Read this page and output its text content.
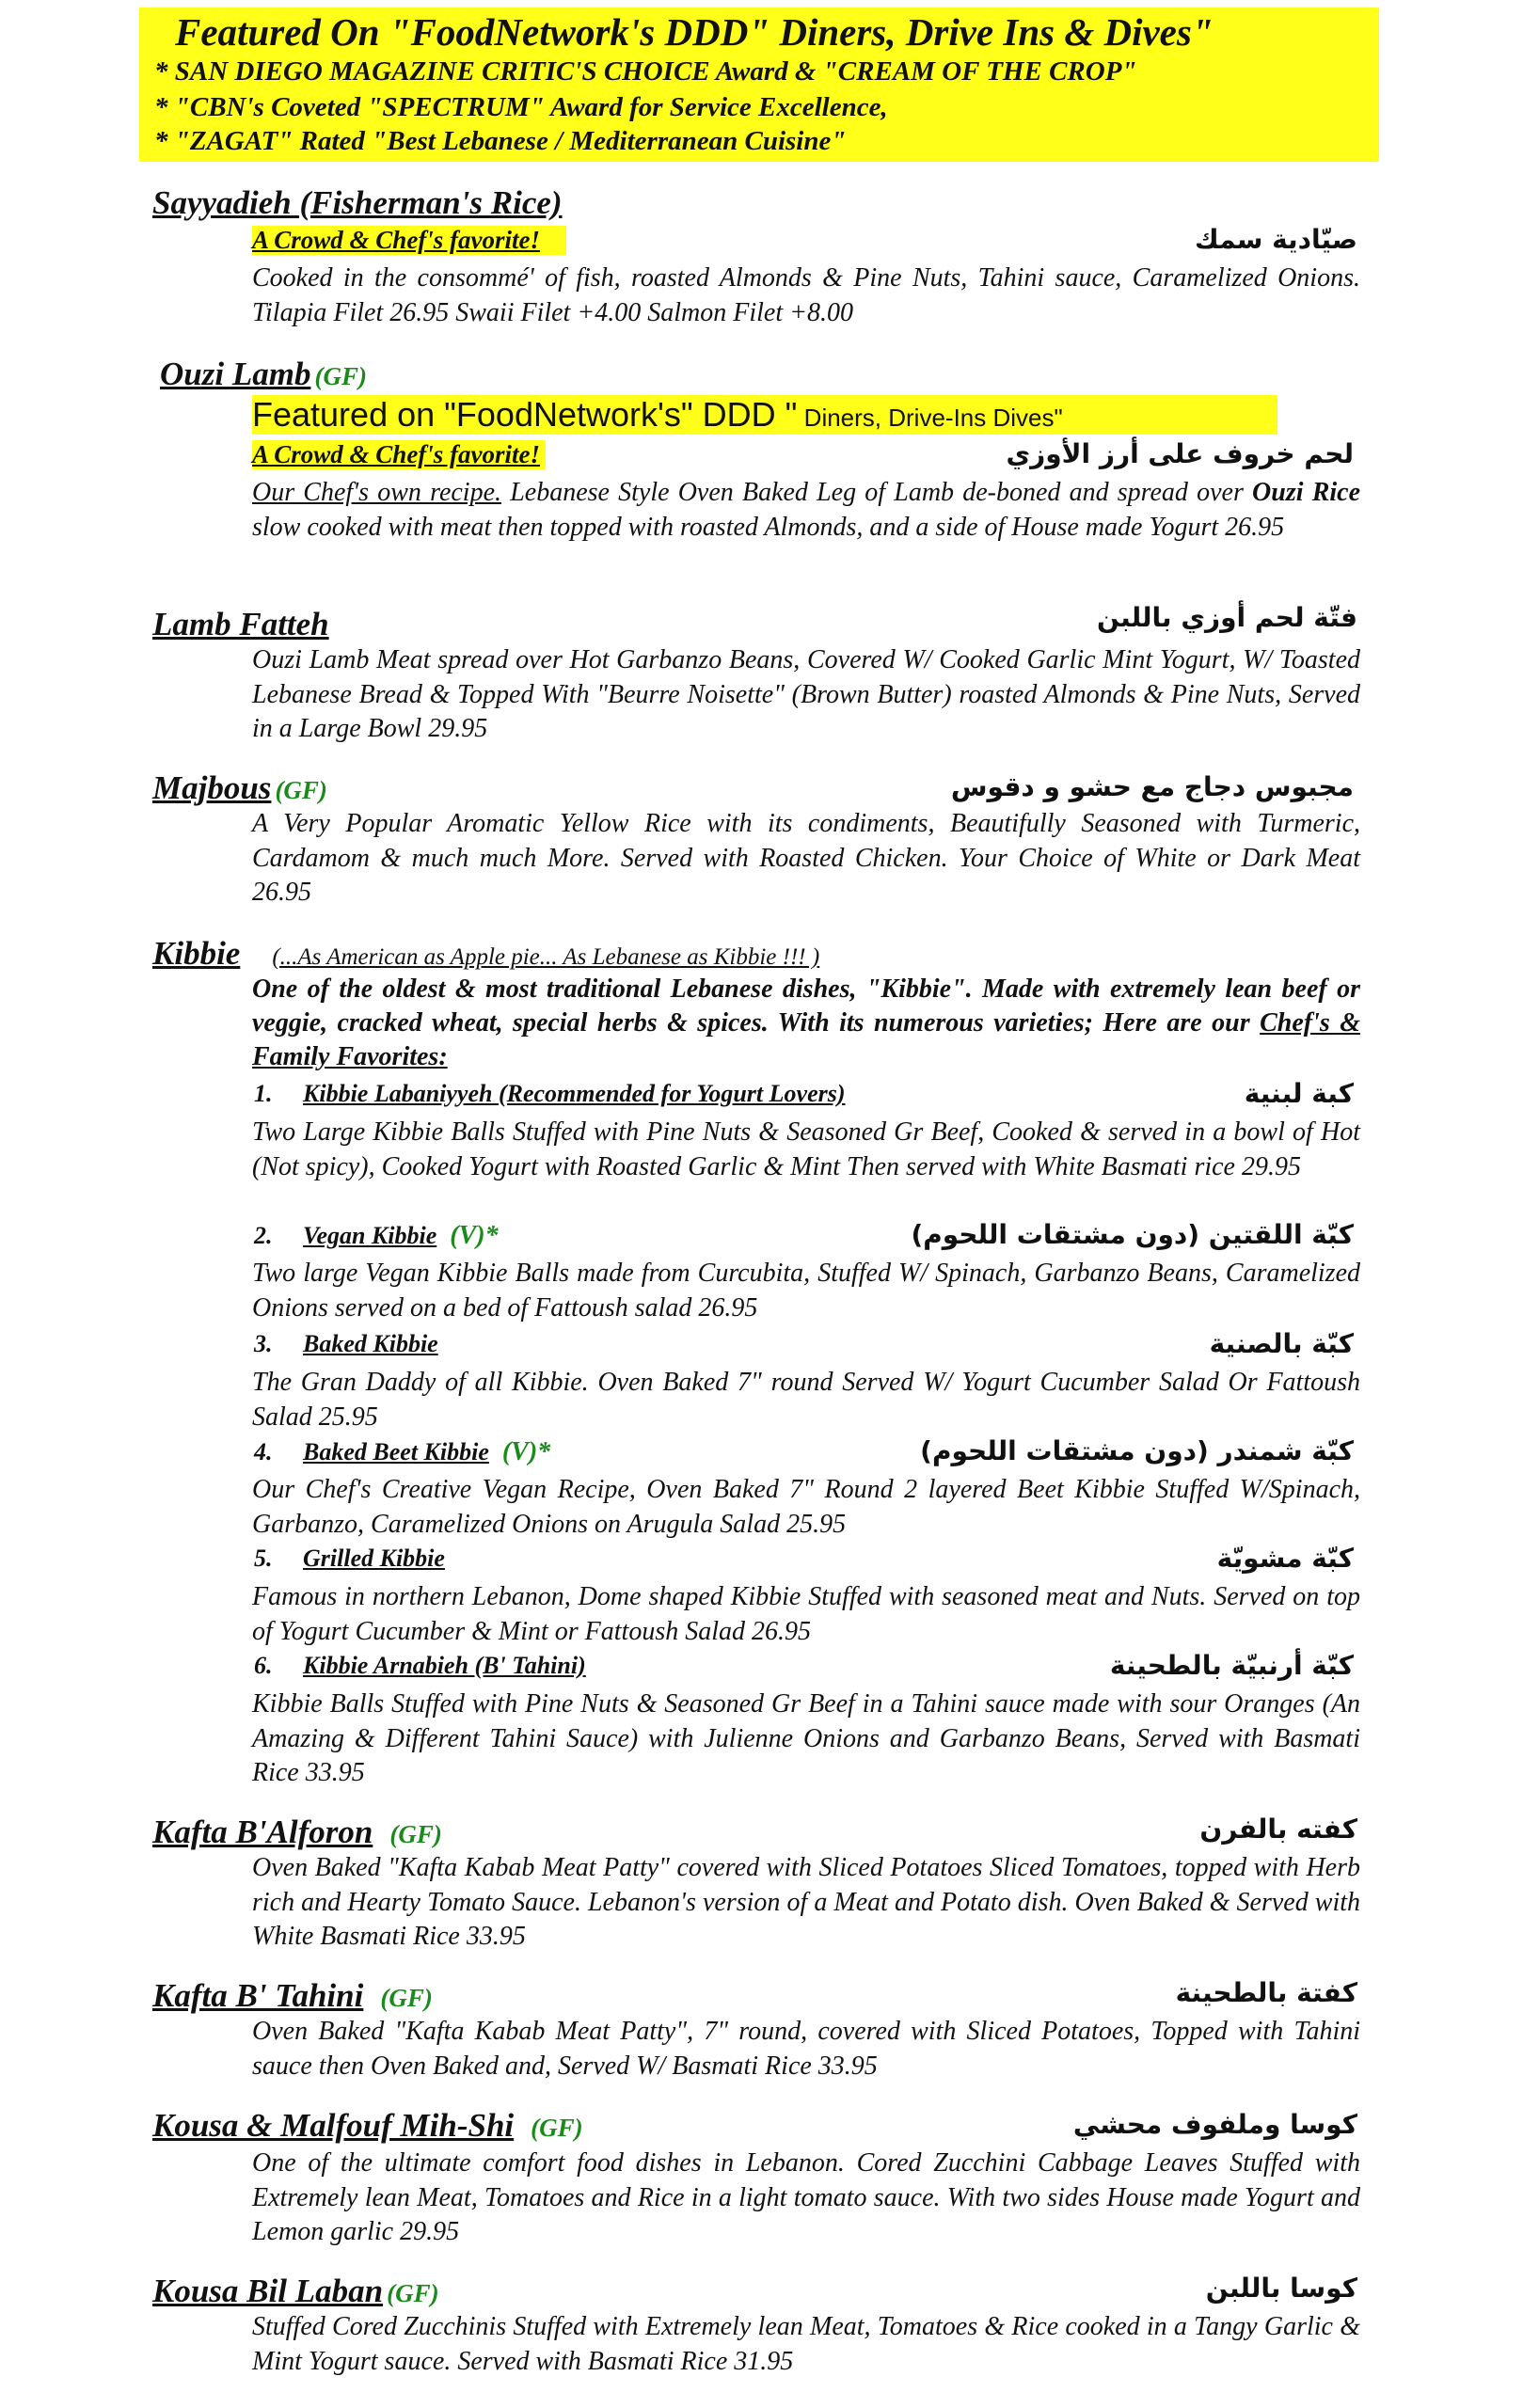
Featured On "FoodNetwork's DDD" Diners, Drive Ins & Dives"
* SAN DIEGO MAGAZINE CRITIC'S CHOICE Award & "CREAM OF THE CROP"
* "CBN's Coveted "SPECTRUM" Award for Service Excellence,
* "ZAGAT" Rated "Best Lebanese / Mediterranean Cuisine"
Sayyadieh (Fisherman's Rice)
A Crowd & Chef's favorite!	صيّادية سمك
Cooked in the consommé' of fish, roasted Almonds & Pine Nuts, Tahini sauce, Caramelized Onions. Tilapia Filet 26.95 Swaii Filet +4.00 Salmon Filet +8.00
Ouzi Lamb (GF)
Featured on "FoodNetwork's" DDD " Diners, Drive-Ins Dives"
A Crowd & Chef's favorite!	لحم خروف على أرز الأوزي
Our Chef's own recipe. Lebanese Style Oven Baked Leg of Lamb de-boned and spread over Ouzi Rice slow cooked with meat then topped with roasted Almonds, and a side of House made Yogurt 26.95
Lamb Fatteh	فتّة لحم أوزي باللبن
Ouzi Lamb Meat spread over Hot Garbanzo Beans, Covered W/ Cooked Garlic Mint Yogurt, W/ Toasted Lebanese Bread & Topped With "Beurre Noisette" (Brown Butter) roasted Almonds & Pine Nuts, Served in a Large Bowl 29.95
Majbous (GF)	مجبوس دجاج مع حشو و دقوس
A Very Popular Aromatic Yellow Rice with its condiments, Beautifully Seasoned with Turmeric, Cardamom & much much More. Served with Roasted Chicken. Your Choice of White or Dark Meat 26.95
Kibbie (...As American as Apple pie... As Lebanese as Kibbie !!! )
One of the oldest & most traditional Lebanese dishes, "Kibbie". Made with extremely lean beef or veggie, cracked wheat, special herbs & spices. With its numerous varieties; Here are our Chef's & Family Favorites:
1. Kibbie Labaniyyeh (Recommended for Yogurt Lovers)	كبة لبنية
Two Large Kibbie Balls Stuffed with Pine Nuts & Seasoned Gr Beef, Cooked & served in a bowl of Hot (Not spicy), Cooked Yogurt with Roasted Garlic & Mint Then served with White Basmati rice 29.95
2. Vegan Kibbie (V)*	كبّة اللقتين (دون مشتقات اللحوم)
Two large Vegan Kibbie Balls made from Curcubita, Stuffed W/ Spinach, Garbanzo Beans, Caramelized Onions served on a bed of Fattoush salad 26.95
3. Baked Kibbie	كبّة بالصنية
The Gran Daddy of all Kibbie. Oven Baked 7" round Served W/ Yogurt Cucumber Salad Or Fattoush Salad 25.95
4. Baked Beet Kibbie (V)*	كبّة شمندر (دون مشتقات اللحوم)
Our Chef's Creative Vegan Recipe, Oven Baked 7" Round 2 layered Beet Kibbie Stuffed W/Spinach, Garbanzo, Caramelized Onions on Arugula Salad 25.95
5. Grilled Kibbie	كبّة مشويّة
Famous in northern Lebanon, Dome shaped Kibbie Stuffed with seasoned meat and Nuts. Served on top of Yogurt Cucumber & Mint or Fattoush Salad 26.95
6. Kibbie Arnabieh (B' Tahini)	كبّة أرنبيّة بالطحينة
Kibbie Balls Stuffed with Pine Nuts & Seasoned Gr Beef in a Tahini sauce made with sour Oranges (An Amazing & Different Tahini Sauce) with Julienne Onions and Garbanzo Beans, Served with Basmati Rice 33.95
Kafta B'Alforon (GF)	كفته بالفرن
Oven Baked "Kafta Kabab Meat Patty" covered with Sliced Potatoes Sliced Tomatoes, topped with Herb rich and Hearty Tomato Sauce. Lebanon's version of a Meat and Potato dish. Oven Baked & Served with White Basmati Rice 33.95
Kafta B' Tahini (GF)	كفتة بالطحينة
Oven Baked "Kafta Kabab Meat Patty", 7" round, covered with Sliced Potatoes, Topped with Tahini sauce then Oven Baked and, Served W/ Basmati Rice 33.95
Kousa & Malfouf Mih-Shi (GF)	كوسا وملفوف محشي
One of the ultimate comfort food dishes in Lebanon. Cored Zucchini Cabbage Leaves Stuffed with Extremely lean Meat, Tomatoes and Rice in a light tomato sauce. With two sides House made Yogurt and Lemon garlic 29.95
Kousa Bil Laban (GF)	كوسا باللبن
Stuffed Cored Zucchinis Stuffed with Extremely lean Meat, Tomatoes & Rice cooked in a Tangy Garlic & Mint Yogurt sauce. Served with Basmati Rice 31.95
